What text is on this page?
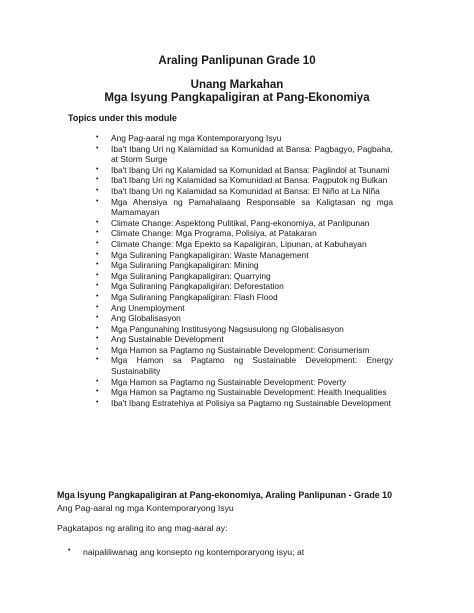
Araling Panlipunan Grade 10
Unang Markahan
Mga Isyung Pangkapaligiran at Pang-Ekonomiya

Topics under this module

• Ang Pag-aaral ng mga Kontemporaryong Isyu
• Iba't Ibang Uri ng Kalamidad sa Komunidad at Bansa: Pagbagyo, Pagbaha, at Storm Surge
• Iba't Ibang Uri ng Kalamidad sa Komunidad at Bansa: Paglindol at Tsunami
• Iba't Ibang Uri ng Kalamidad sa Komunidad at Bansa: Pagputok ng Bulkan
• Iba't Ibang Uri ng Kalamidad sa Komunidad at Bansa: El Niño at La Niña
• Mga Ahensiya ng Pamahalaang Responsable sa Kaligtasan ng mga Mamamayan
• Climate Change: Aspektong Pulitikal, Pang-ekonomiya, at Panlipunan
• Climate Change: Mga Programa, Polisiya, at Patakaran
• Climate Change: Mga Epekto sa Kapaligiran, Lipunan, at Kabuhayan
• Mga Suliraning Pangkapaligiran: Waste Management
• Mga Suliraning Pangkapaligiran: Mining
• Mga Suliraning Pangkapaligiran: Quarrying
• Mga Suliraning Pangkapaligiran: Deforestation
• Mga Suliraning Pangkapaligiran: Flash Flood
• Ang Unemployment
• Ang Globalisasyon
• Mga Pangunahing Institusyong Nagsusulong ng Globalisasyon
• Ang Sustainable Development
• Mga Hamon sa Pagtamo ng Sustainable Development: Consumerism
• Mga Hamon sa Pagtamo ng Sustainable Development: Energy Sustainability
• Mga Hamon sa Pagtamo ng Sustainable Development: Poverty
• Mga Hamon sa Pagtamo ng Sustainable Development: Health Inequalities
• Iba't Ibang Estratehiya at Polisiya sa Pagtamo ng Sustainable Development

Mga Isyung Pangkapaligiran at Pang-ekonomiya, Araling Panlipunan - Grade 10

Ang Pag-aaral ng mga Kontemporaryong Isyu

Pagkatapos ng araling ito ang mag-aaral ay:

• naipaliliwanag ang konsepto ng kontemporaryong isyu; at
